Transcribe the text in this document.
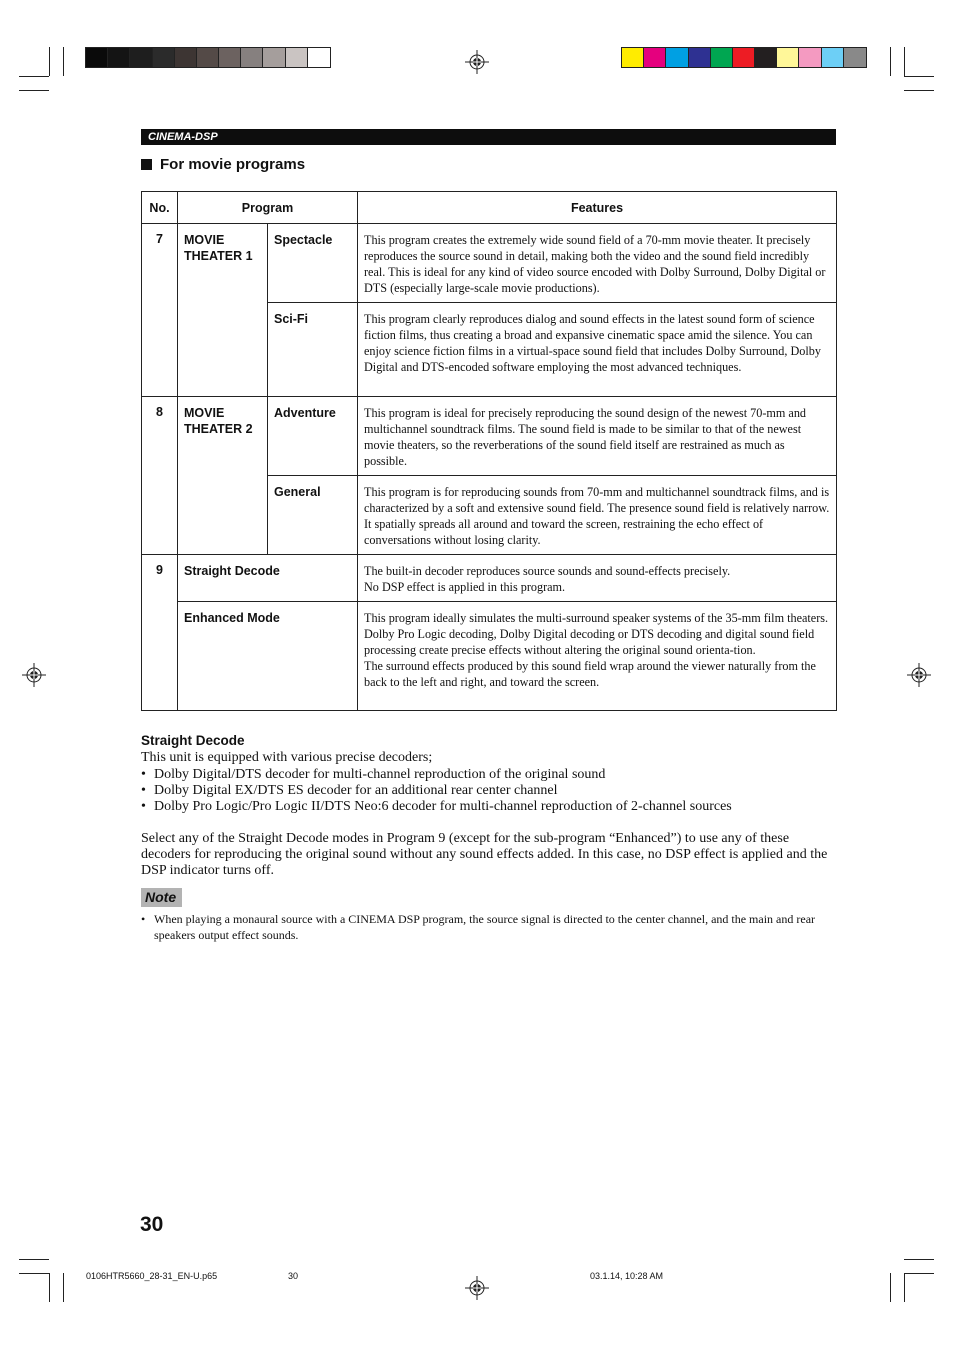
CINEMA-DSP
For movie programs
No.	Program		Features
7	MOVIE THEATER 1	Spectacle	This program creates the extremely wide sound field of a 70-mm movie theater. It precisely reproduces the source sound in detail, making both the video and the sound field incredibly real. This is ideal for any kind of video source encoded with Dolby Surround, Dolby Digital or DTS (especially large-scale movie productions).
		Sci-Fi	This program clearly reproduces dialog and sound effects in the latest sound form of science fiction films, thus creating a broad and expansive cinematic space amid the silence. You can enjoy science fiction films in a virtual-space sound field that includes Dolby Surround, Dolby Digital and DTS-encoded software employing the most advanced techniques.
8	MOVIE THEATER 2	Adventure	This program is ideal for precisely reproducing the sound design of the newest 70-mm and multichannel soundtrack films. The sound field is made to be similar to that of the newest movie theaters, so the reverberations of the sound field itself are restrained as much as possible.
		General	This program is for reproducing sounds from 70-mm and multichannel soundtrack films, and is characterized by a soft and extensive sound field. The presence sound field is relatively narrow. It spatially spreads all around and toward the screen, restraining the echo effect of conversations without losing clarity.
9	Straight Decode		The built-in decoder reproduces source sounds and sound-effects precisely.
No DSP effect is applied in this program.

	Enhanced Mode		This program ideally simulates the multi-surround speaker systems of the 35-mm film theaters. Dolby Pro Logic decoding, Dolby Digital decoding or DTS decoding and digital sound field processing create precise effects without altering the original sound orienta-tion.
The surround effects produced by this sound field wrap around the viewer naturally from the back to the left and right, and toward the screen.
Straight Decode
This unit is equipped with various precise decoders;
• Dolby Digital/DTS decoder for multi-channel reproduction of the original sound
• Dolby Digital EX/DTS ES decoder for an additional rear center channel
• Dolby Pro Logic/Pro Logic II/DTS Neo:6 decoder for multi-channel reproduction of 2-channel sources
Select any of the Straight Decode modes in Program 9 (except for the sub-program “Enhanced”) to use any of these decoders for reproducing the original sound without any sound effects added. In this case, no DSP effect is applied and the DSP indicator turns off.
Note
• When playing a monaural source with a CINEMA DSP program, the source signal is directed to the center channel, and the main and rear speakers output effect sounds.
30
0106HTR5660_28-31_EN-U.p65	30	03.1.14, 10:28 AM
